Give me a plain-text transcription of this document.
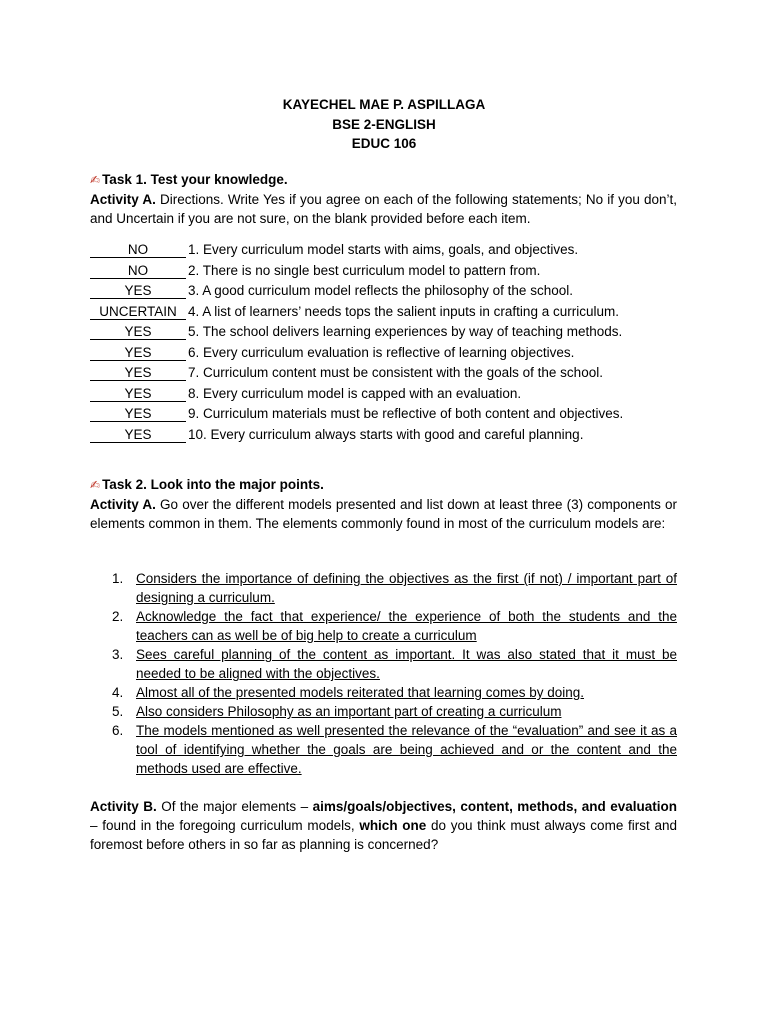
KAYECHEL MAE P. ASPILLAGA
BSE 2-ENGLISH
EDUC 106
✍ Task 1. Test your knowledge.
Activity A. Directions. Write Yes if you agree on each of the following statements; No if you don’t, and Uncertain if you are not sure, on the blank provided before each item.
NO	1. Every curriculum model starts with aims, goals, and objectives.
NO	2. There is no single best curriculum model to pattern from.
YES	3. A good curriculum model reflects the philosophy of the school.
UNCERTAIN 4. A list of learners’ needs tops the salient inputs in crafting a curriculum.
YES	5. The school delivers learning experiences by way of teaching methods.
YES	6. Every curriculum evaluation is reflective of learning objectives.
YES	7. Curriculum content must be consistent with the goals of the school.
YES	8. Every curriculum model is capped with an evaluation.
YES	9. Curriculum materials must be reflective of both content and objectives.
YES	10. Every curriculum always starts with good and careful planning.
✍ Task 2. Look into the major points.
Activity A. Go over the different models presented and list down at least three (3) components or elements common in them. The elements commonly found in most of the curriculum models are:
1. Considers the importance of defining the objectives as the first (if not) / important part of designing a curriculum.
2. Acknowledge the fact that experience/ the experience of both the students and the teachers can as well be of big help to create a curriculum
3. Sees careful planning of the content as important. It was also stated that it must be needed to be aligned with the objectives.
4. Almost all of the presented models reiterated that learning comes by doing.
5. Also considers Philosophy as an important part of creating a curriculum
6. The models mentioned as well presented the relevance of the “evaluation” and see it as a tool of identifying whether the goals are being achieved and or the content and the methods used are effective.
Activity B. Of the major elements – aims/goals/objectives, content, methods, and evaluation – found in the foregoing curriculum models, which one do you think must always come first and foremost before others in so far as planning is concerned?
